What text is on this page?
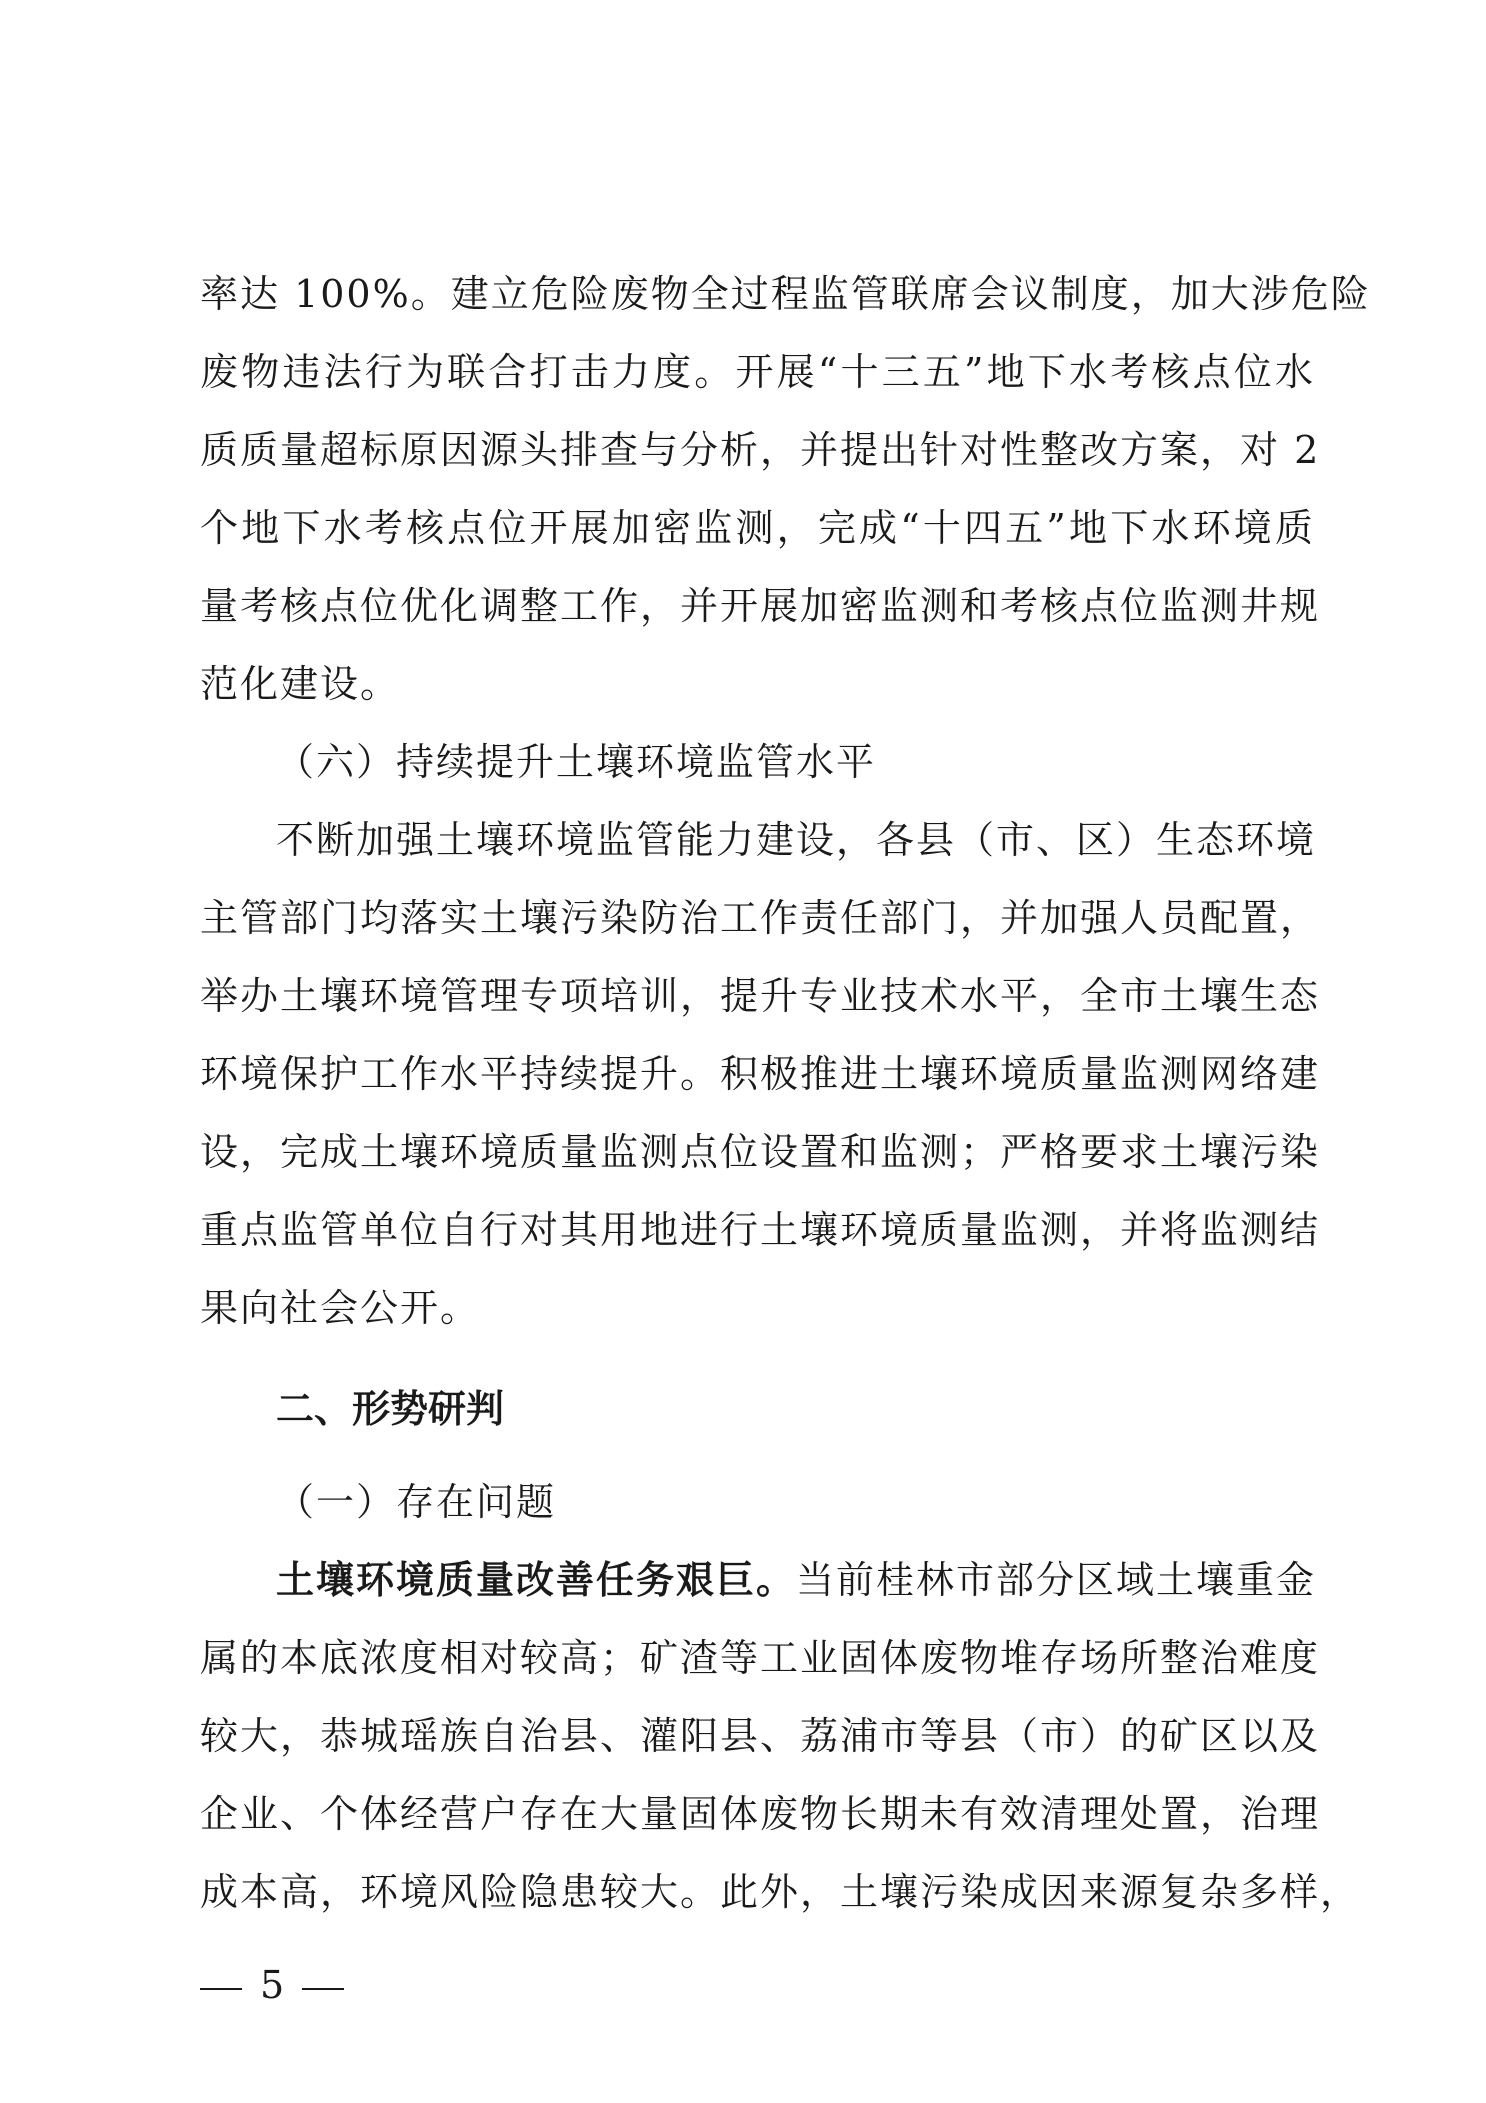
率达 100%。建立危险废物全过程监管联席会议制度，加大涉危险
废物违法行为联合打击力度。开展“十三五”地下水考核点位水
质质量超标原因源头排查与分析，并提出针对性整改方案，对 2
个地下水考核点位开展加密监测，完成“十四五”地下水环境质
量考核点位优化调整工作，并开展加密监测和考核点位监测井规
范化建设。
（六）持续提升土壤环境监管水平
不断加强土壤环境监管能力建设，各县（市、区）生态环境
主管部门均落实土壤污染防治工作责任部门，并加强人员配置，
举办土壤环境管理专项培训，提升专业技术水平，全市土壤生态
环境保护工作水平持续提升。积极推进土壤环境质量监测网络建
设，完成土壤环境质量监测点位设置和监测；严格要求土壤污染
重点监管单位自行对其用地进行土壤环境质量监测，并将监测结
果向社会公开。
二、形势研判
（一）存在问题
土壤环境质量改善任务艰巨。当前桂林市部分区域土壤重金
属的本底浓度相对较高；矿渣等工业固体废物堆存场所整治难度
较大，恭城瑶族自治县、灌阳县、荔浦市等县（市）的矿区以及
企业、个体经营户存在大量固体废物长期未有效清理处置，治理
成本高，环境风险隐患较大。此外，土壤污染成因来源复杂多样，
5
